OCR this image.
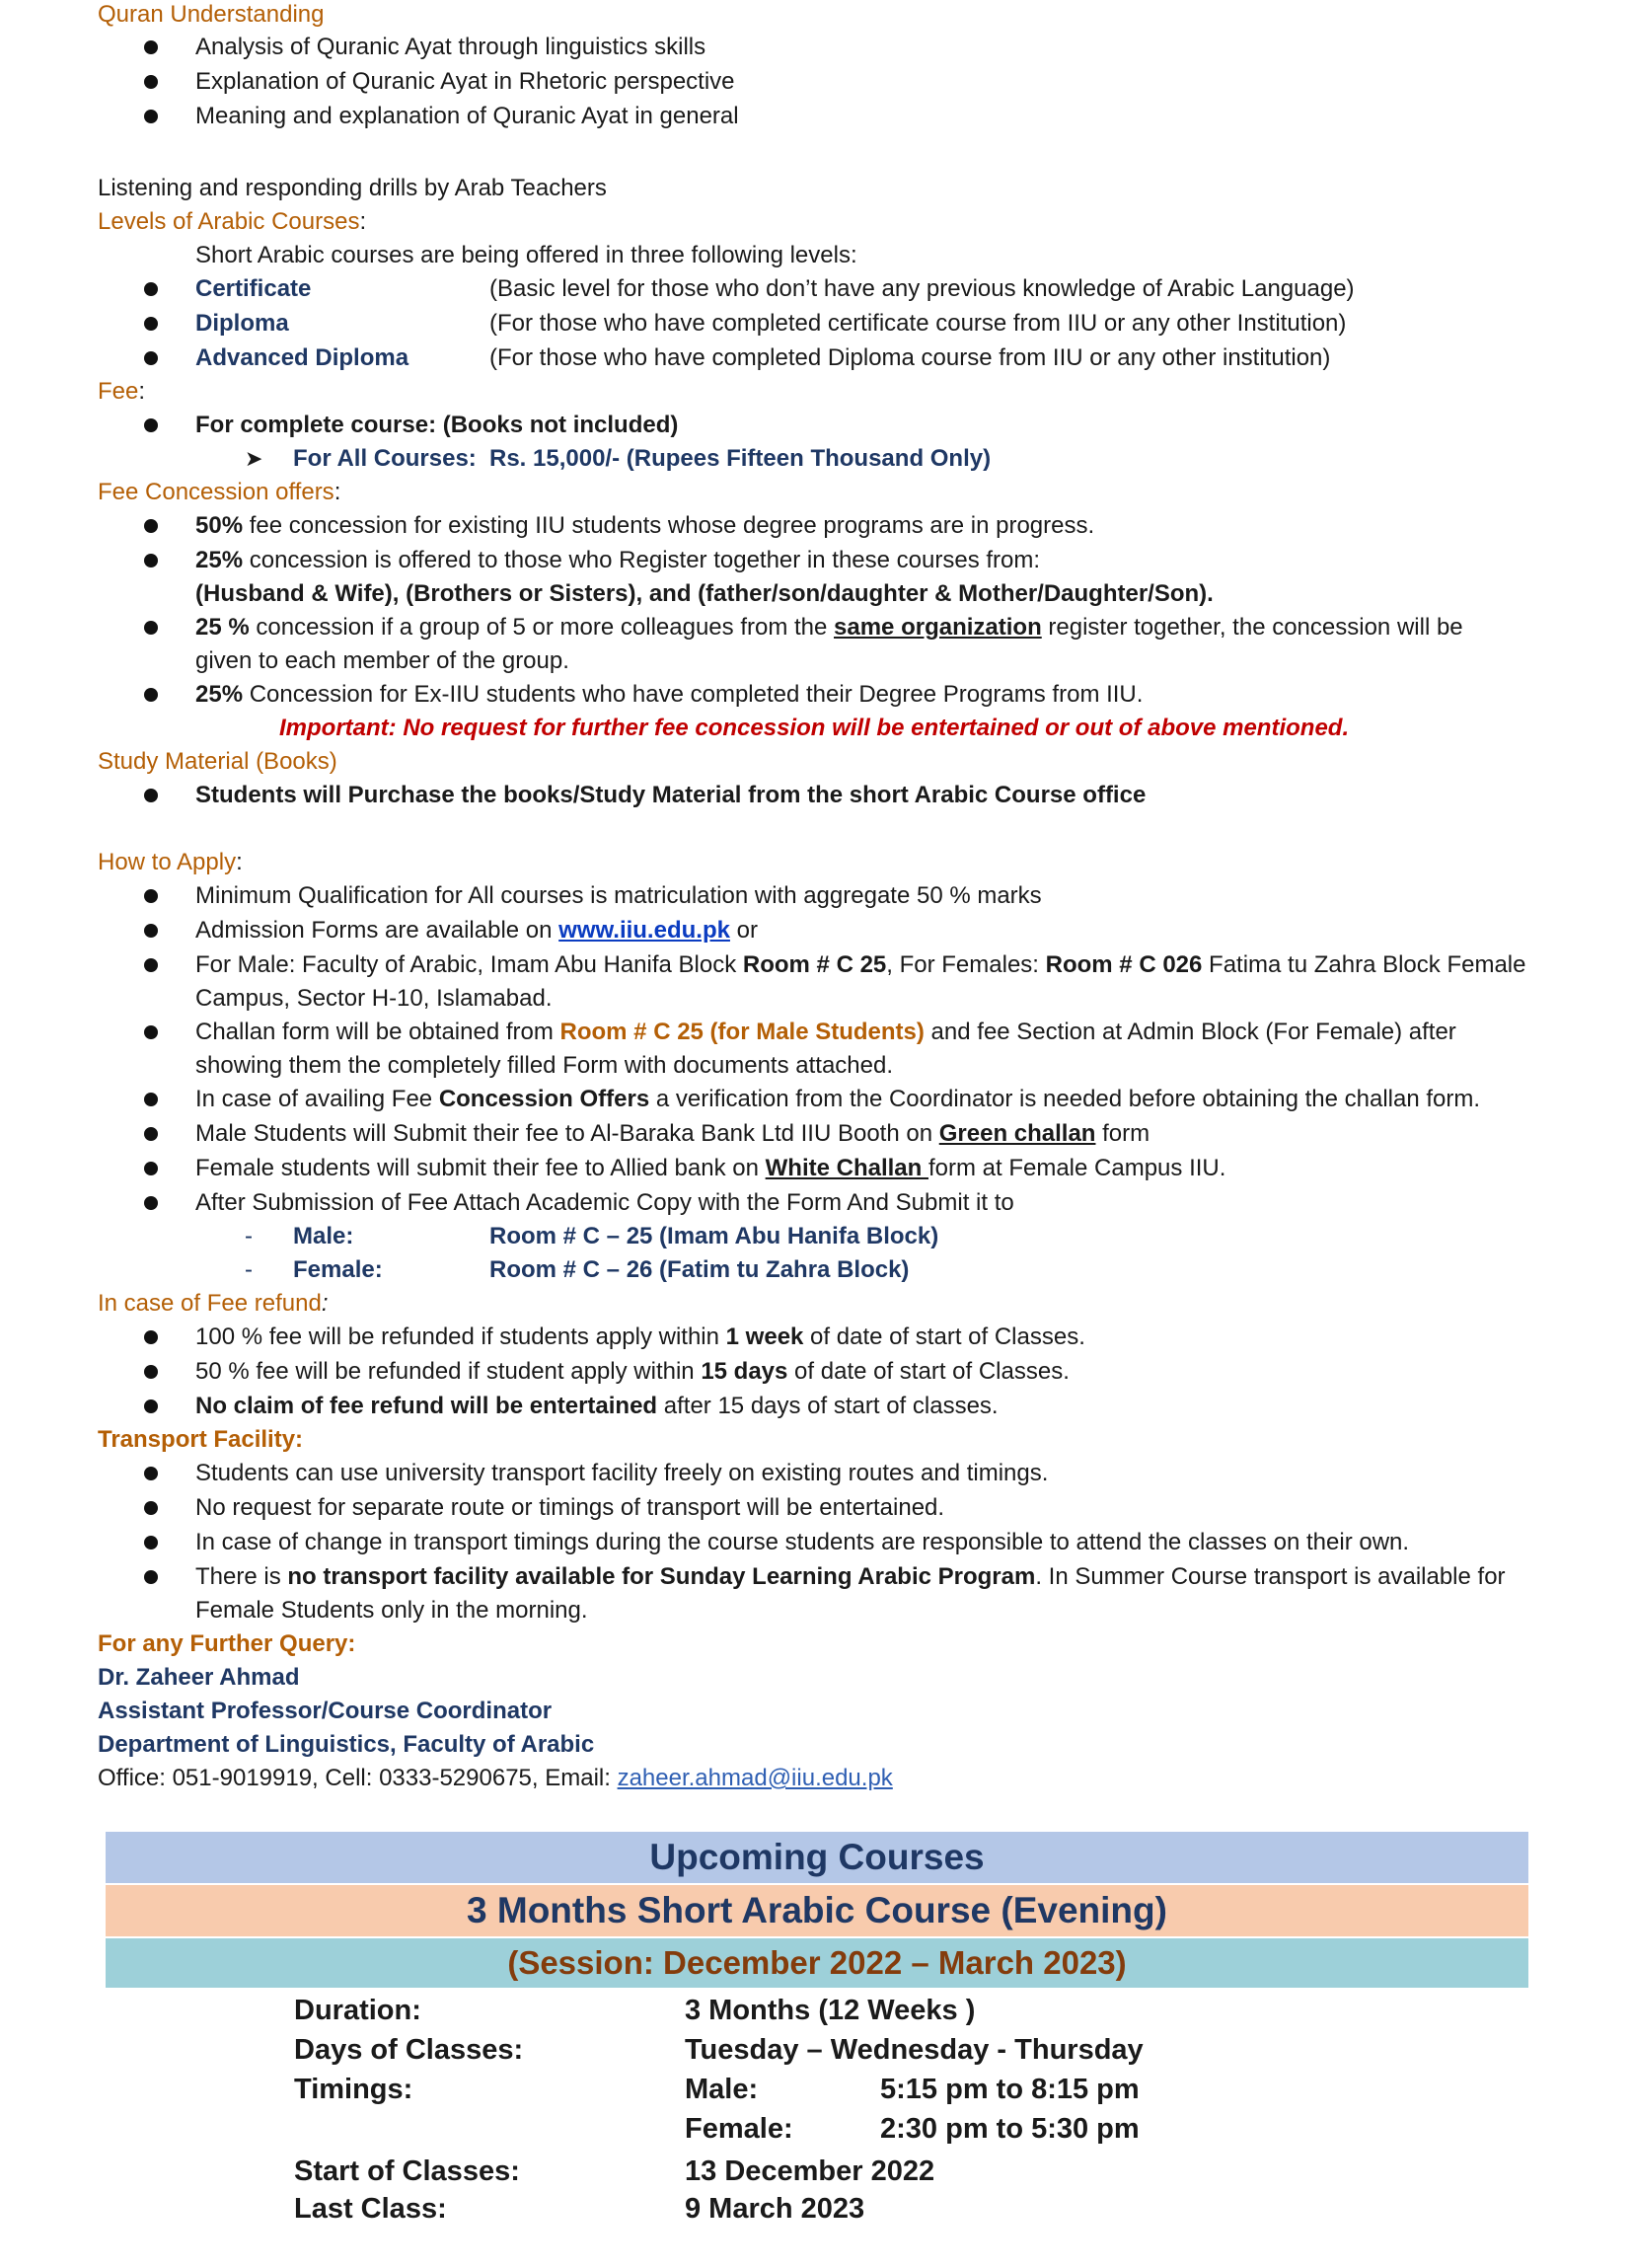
Quran Understanding
Analysis of Quranic Ayat through linguistics skills
Explanation of Quranic Ayat in Rhetoric perspective
Meaning and explanation of Quranic Ayat in general
Listening and responding drills by Arab Teachers
Levels of Arabic Courses:
Short Arabic courses are being offered in three following levels:
Certificate	(Basic level for those who don’t have any previous knowledge of Arabic Language)
Diploma	(For those who have completed certificate course from IIU or any other Institution)
Advanced Diploma	(For those who have completed Diploma course from IIU or any other institution)
Fee:
For complete course: (Books not included)
➤ For All Courses: Rs. 15,000/- (Rupees Fifteen Thousand Only)
Fee Concession offers:
50% fee concession for existing IIU students whose degree programs are in progress.
25% concession is offered to those who Register together in these courses from:
(Husband & Wife), (Brothers or Sisters), and (father/son/daughter & Mother/Daughter/Son).
25 % concession if a group of 5 or more colleagues from the same organization register together, the concession will be
given to each member of the group.
25% Concession for Ex-IIU students who have completed their Degree Programs from IIU.
Important: No request for further fee concession will be entertained or out of above mentioned.
Study Material (Books)
Students will Purchase the books/Study Material from the short Arabic Course office
How to Apply:
Minimum Qualification for All courses is matriculation with aggregate 50 % marks
Admission Forms are available on www.iiu.edu.pk or
For Male: Faculty of Arabic, Imam Abu Hanifa Block Room # C 25, For Females: Room # C 026 Fatima tu Zahra Block Female
Campus, Sector H-10, Islamabad.
Challan form will be obtained from Room # C 25 (for Male Students) and fee Section at Admin Block (For Female) after
showing them the completely filled Form with documents attached.
In case of availing Fee Concession Offers a verification from the Coordinator is needed before obtaining the challan form.
Male Students will Submit their fee to Al-Baraka Bank Ltd IIU Booth on Green challan form
Female students will submit their fee to Allied bank on White Challan form at Female Campus IIU.
After Submission of Fee Attach Academic Copy with the Form And Submit it to
- Male:	Room # C – 25 (Imam Abu Hanifa Block)
- Female:	Room # C – 26 (Fatim tu Zahra Block)
In case of Fee refund:
100 % fee will be refunded if students apply within 1 week of date of start of Classes.
50 % fee will be refunded if student apply within 15 days of date of start of Classes.
No claim of fee refund will be entertained after 15 days of start of classes.
Transport Facility:
Students can use university transport facility freely on existing routes and timings.
No request for separate route or timings of transport will be entertained.
In case of change in transport timings during the course students are responsible to attend the classes on their own.
There is no transport facility available for Sunday Learning Arabic Program. In Summer Course transport is available for
Female Students only in the morning.
For any Further Query:
Dr. Zaheer Ahmad
Assistant Professor/Course Coordinator
Department of Linguistics, Faculty of Arabic
Office: 051-9019919, Cell: 0333-5290675, Email: zaheer.ahmad@iiu.edu.pk
Upcoming Courses
3 Months Short Arabic Course (Evening)
(Session: December 2022 – March 2023)
Duration:	3 Months (12 Weeks )
Days of Classes:	Tuesday – Wednesday - Thursday
Timings:	Male:	5:15 pm to 8:15 pm
Female:	2:30 pm to 5:30 pm
Start of Classes:	13 December 2022
Last Class:	9 March 2023
